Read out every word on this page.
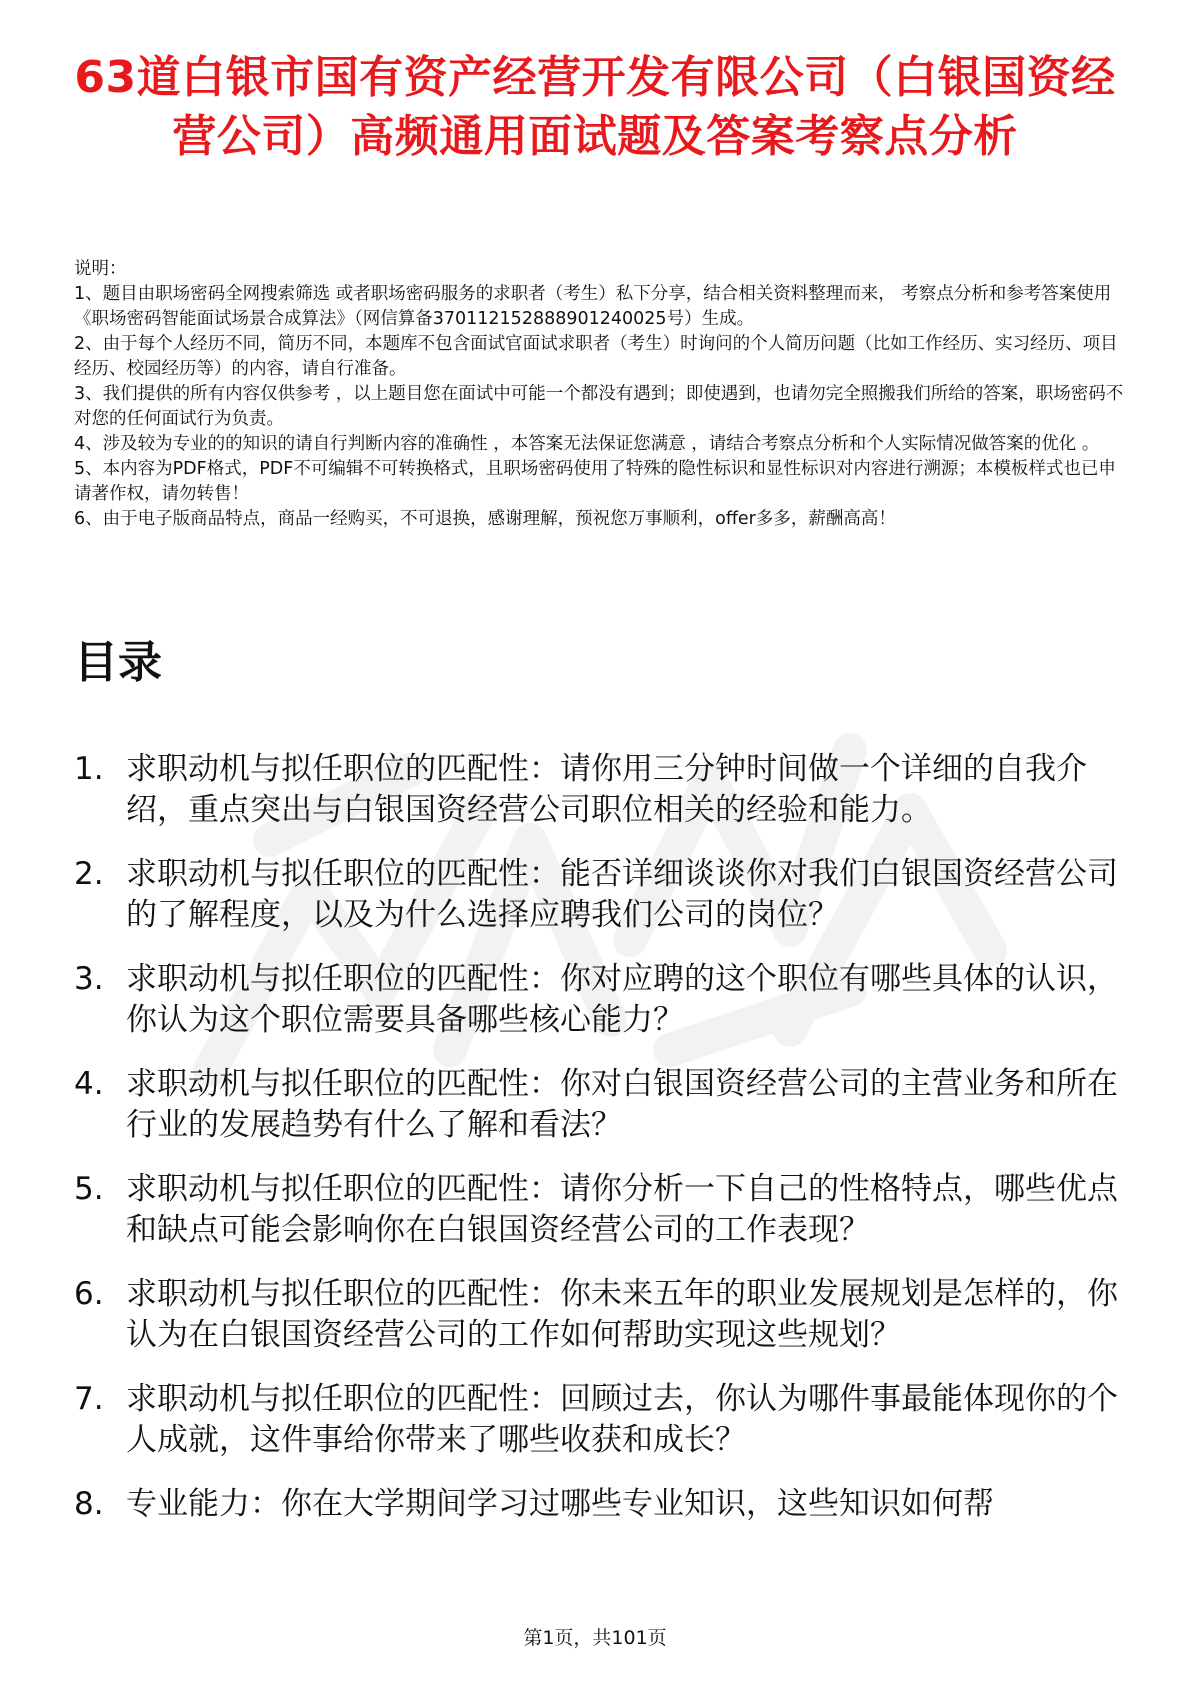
63道白银市国有资产经营开发有限公司（白银国资经营公司）高频通用面试题及答案考察点分析

说明：

1、题目由职场密码全网搜索筛选 或者职场密码服务的求职者（考生）私下分享，结合相关资料整理而来， 考察点分析和参考答案使用《职场密码智能面试场景合成算法》（网信算备370112152888901240025号）生成。

2、由于每个人经历不同，简历不同，本题库不包含面试官面试求职者（考生）时询问的个人简历问题（比如工作经历、实习经历、项目经历、校园经历等）的内容，请自行准备。

3、我们提供的所有内容仅供参考 ，以上题目您在面试中可能一个都没有遇到；即使遇到，也请勿完全照搬我们所给的答案，职场密码不对您的任何面试行为负责。

4、涉及较为专业的的知识的请自行判断内容的准确性 ，本答案无法保证您满意 ，请结合考察点分析和个人实际情况做答案的优化 。

5、本内容为PDF格式，PDF不可编辑不可转换格式，且职场密码使用了特殊的隐性标识和显性标识对内容进行溯源；本模板样式也已申请著作权，请勿转售！

6、由于电子版商品特点，商品一经购买，不可退换，感谢理解，预祝您万事顺利，offer多多，薪酬高高！

目录
1. 求职动机与拟任职位的匹配性：请你用三分钟时间做一个详细的自我介绍，重点突出与白银国资经营公司职位相关的经验和能力。
2. 求职动机与拟任职位的匹配性：能否详细谈谈你对我们白银国资经营公司的了解程度，以及为什么选择应聘我们公司的岗位？
3. 求职动机与拟任职位的匹配性：你对应聘的这个职位有哪些具体的认识，你认为这个职位需要具备哪些核心能力？
4. 求职动机与拟任职位的匹配性：你对白银国资经营公司的主营业务和所在行业的发展趋势有什么了解和看法？
5. 求职动机与拟任职位的匹配性：请你分析一下自己的性格特点，哪些优点和缺点可能会影响你在白银国资经营公司的工作表现？
6. 求职动机与拟任职位的匹配性：你未来五年的职业发展规划是怎样的，你认为在白银国资经营公司的工作如何帮助实现这些规划？
7. 求职动机与拟任职位的匹配性：回顾过去，你认为哪件事最能体现你的个人成就，这件事给你带来了哪些收获和成长？
8. 专业能力：你在大学期间学习过哪些专业知识，这些知识如何帮
第1页，共101页
